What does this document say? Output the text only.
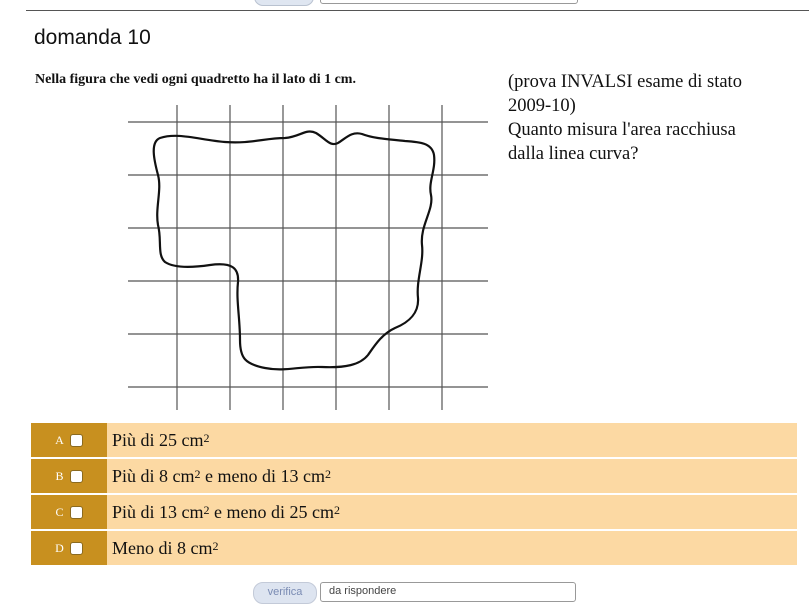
domanda 10
Nella figura che vedi ogni quadretto ha il lato di 1 cm.	(prova INVALSI esame di stato
2009-10)
Quanto misura l'area racchiusa
dalla linea curva?
A	Più di 25 $cm^2$
B	Più di 8 $cm^2$ e meno di 13 $cm^2$
C	Più di 13 $cm^2$ e meno di 25 $cm^2$
D	Meno di 8 $cm^2$
verifica	da rispondere
